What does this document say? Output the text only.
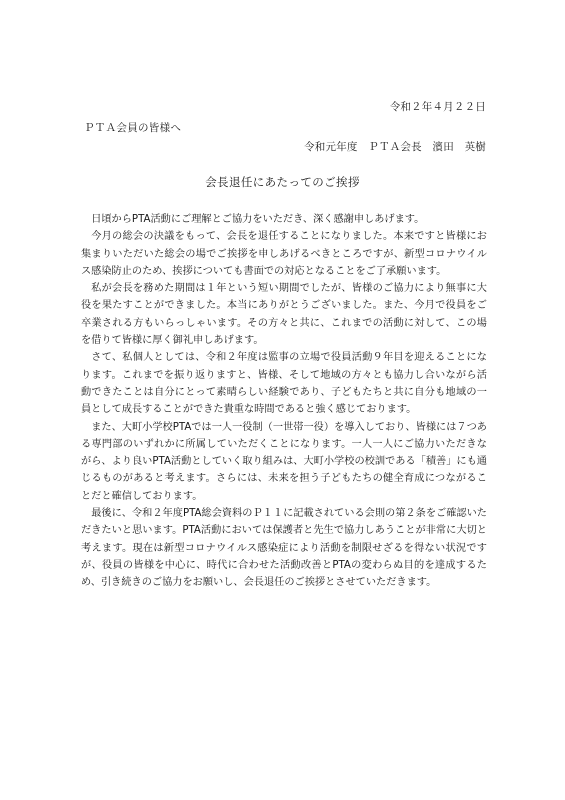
令和２年４月２２日
ＰＴＡ会員の皆様へ
令和元年度　ＰＴＡ会長　濱田　英樹
会長退任にあたってのご挨拶

日頃からPTA活動にご理解とご協力をいただき、深く感謝申しあげます。

今月の総会の決議をもって、会長を退任することになりました。本来ですと皆様にお集まりいただいた総会の場でご挨拶を申しあげるべきところですが、新型コロナウイルス感染防止のため、挨拶についても書面での対応となることをご了承願います。

私が会長を務めた期間は１年という短い期間でしたが、皆様のご協力により無事に大役を果たすことができました。本当にありがとうございました。また、今月で役員をご卒業される方もいらっしゃいます。その方々と共に、これまでの活動に対して、この場を借りて皆様に厚く御礼申しあげます。

さて、私個人としては、令和２年度は監事の立場で役員活動９年目を迎えることになります。これまでを振り返りますと、皆様、そして地域の方々とも協力し合いながら活動できたことは自分にとって素晴らしい経験であり、子どもたちと共に自分も地域の一員として成長することができた貴重な時間であると強く感じております。

また、大町小学校PTAでは一人一役制（一世帯一役）を導入しており、皆様には７つある専門部のいずれかに所属していただくことになります。一人一人にご協力いただきながら、より良いPTA活動としていく取り組みは、大町小学校の校訓である「積善」にも通じるものがあると考えます。さらには、未来を担う子どもたちの健全育成につながることだと確信しております。

最後に、令和２年度PTA総会資料のＰ１１に記載されている会則の第２条をご確認いただきたいと思います。PTA活動においては保護者と先生で協力しあうことが非常に大切と考えます。現在は新型コロナウイルス感染症により活動を制限せざるを得ない状況ですが、役員の皆様を中心に、時代に合わせた活動改善とPTAの変わらぬ目的を達成するため、引き続きのご協力をお願いし、会長退任のご挨拶とさせていただきます。
